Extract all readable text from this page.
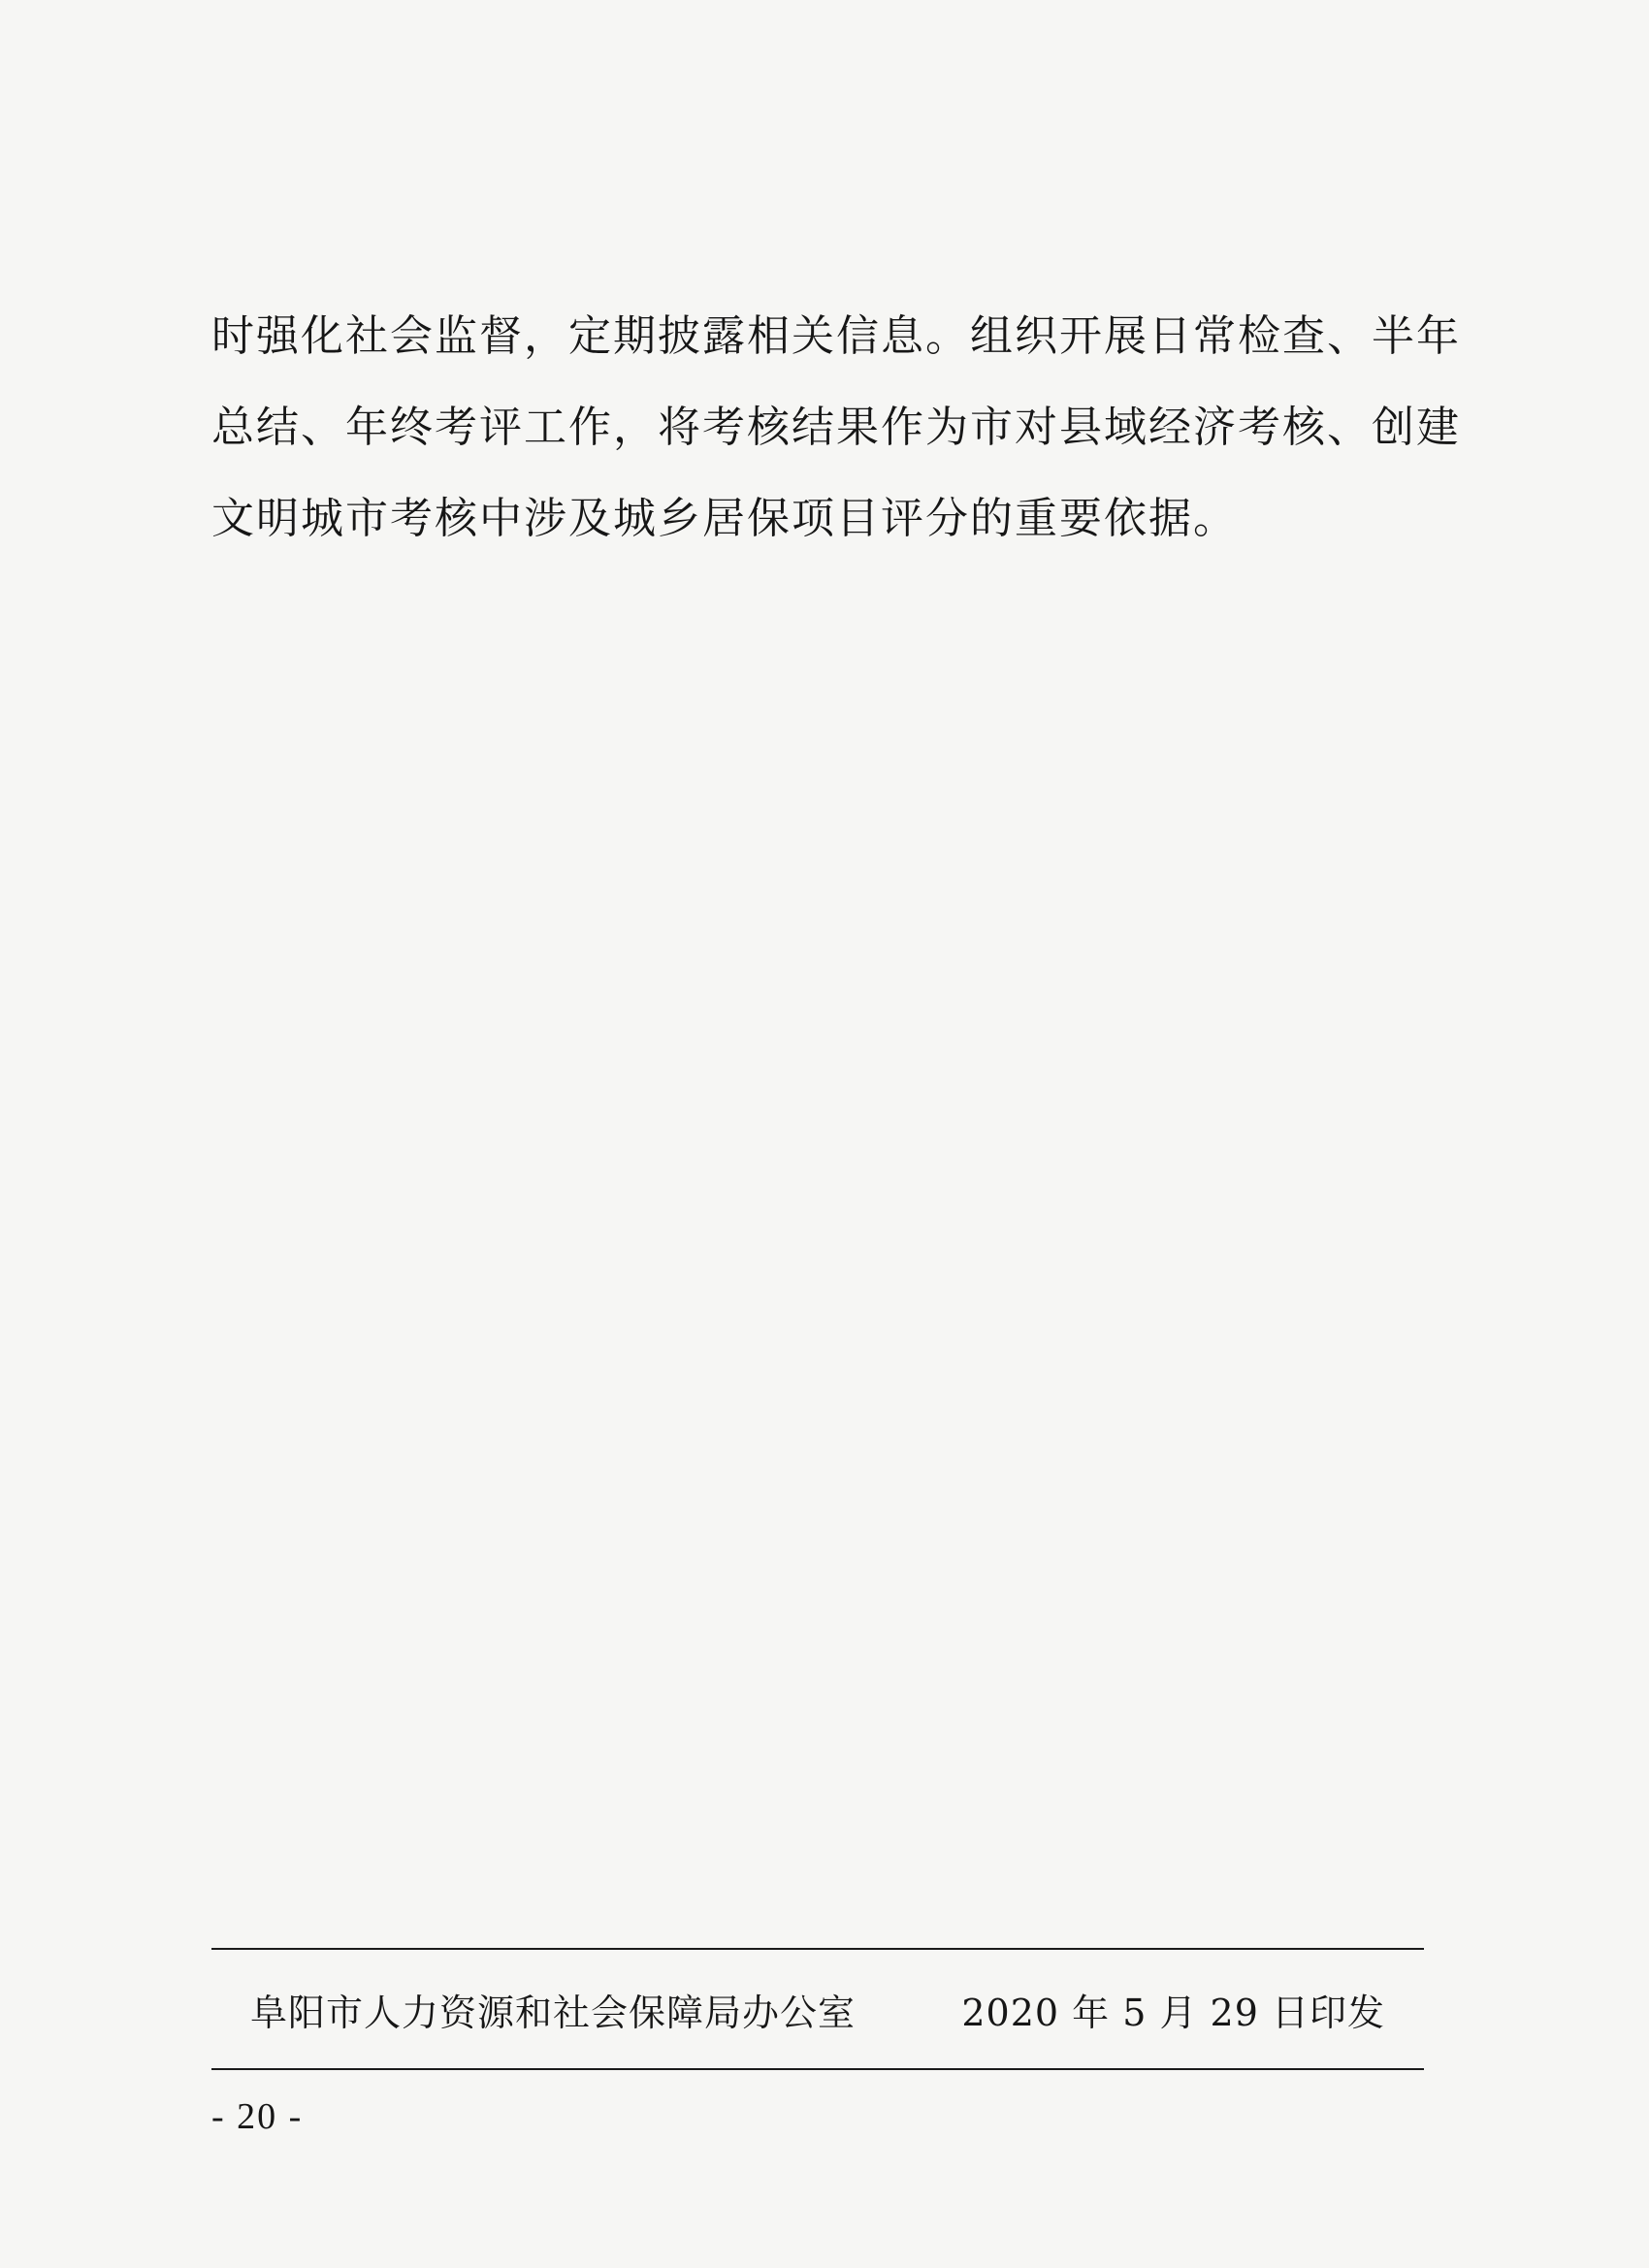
时强化社会监督，定期披露相关信息。组织开展日常检查、半年
总结、年终考评工作，将考核结果作为市对县域经济考核、创建
文明城市考核中涉及城乡居保项目评分的重要依据。
阜阳市人力资源和社会保障局办公室	2020 年 5 月 29 日印发
- 20 -
